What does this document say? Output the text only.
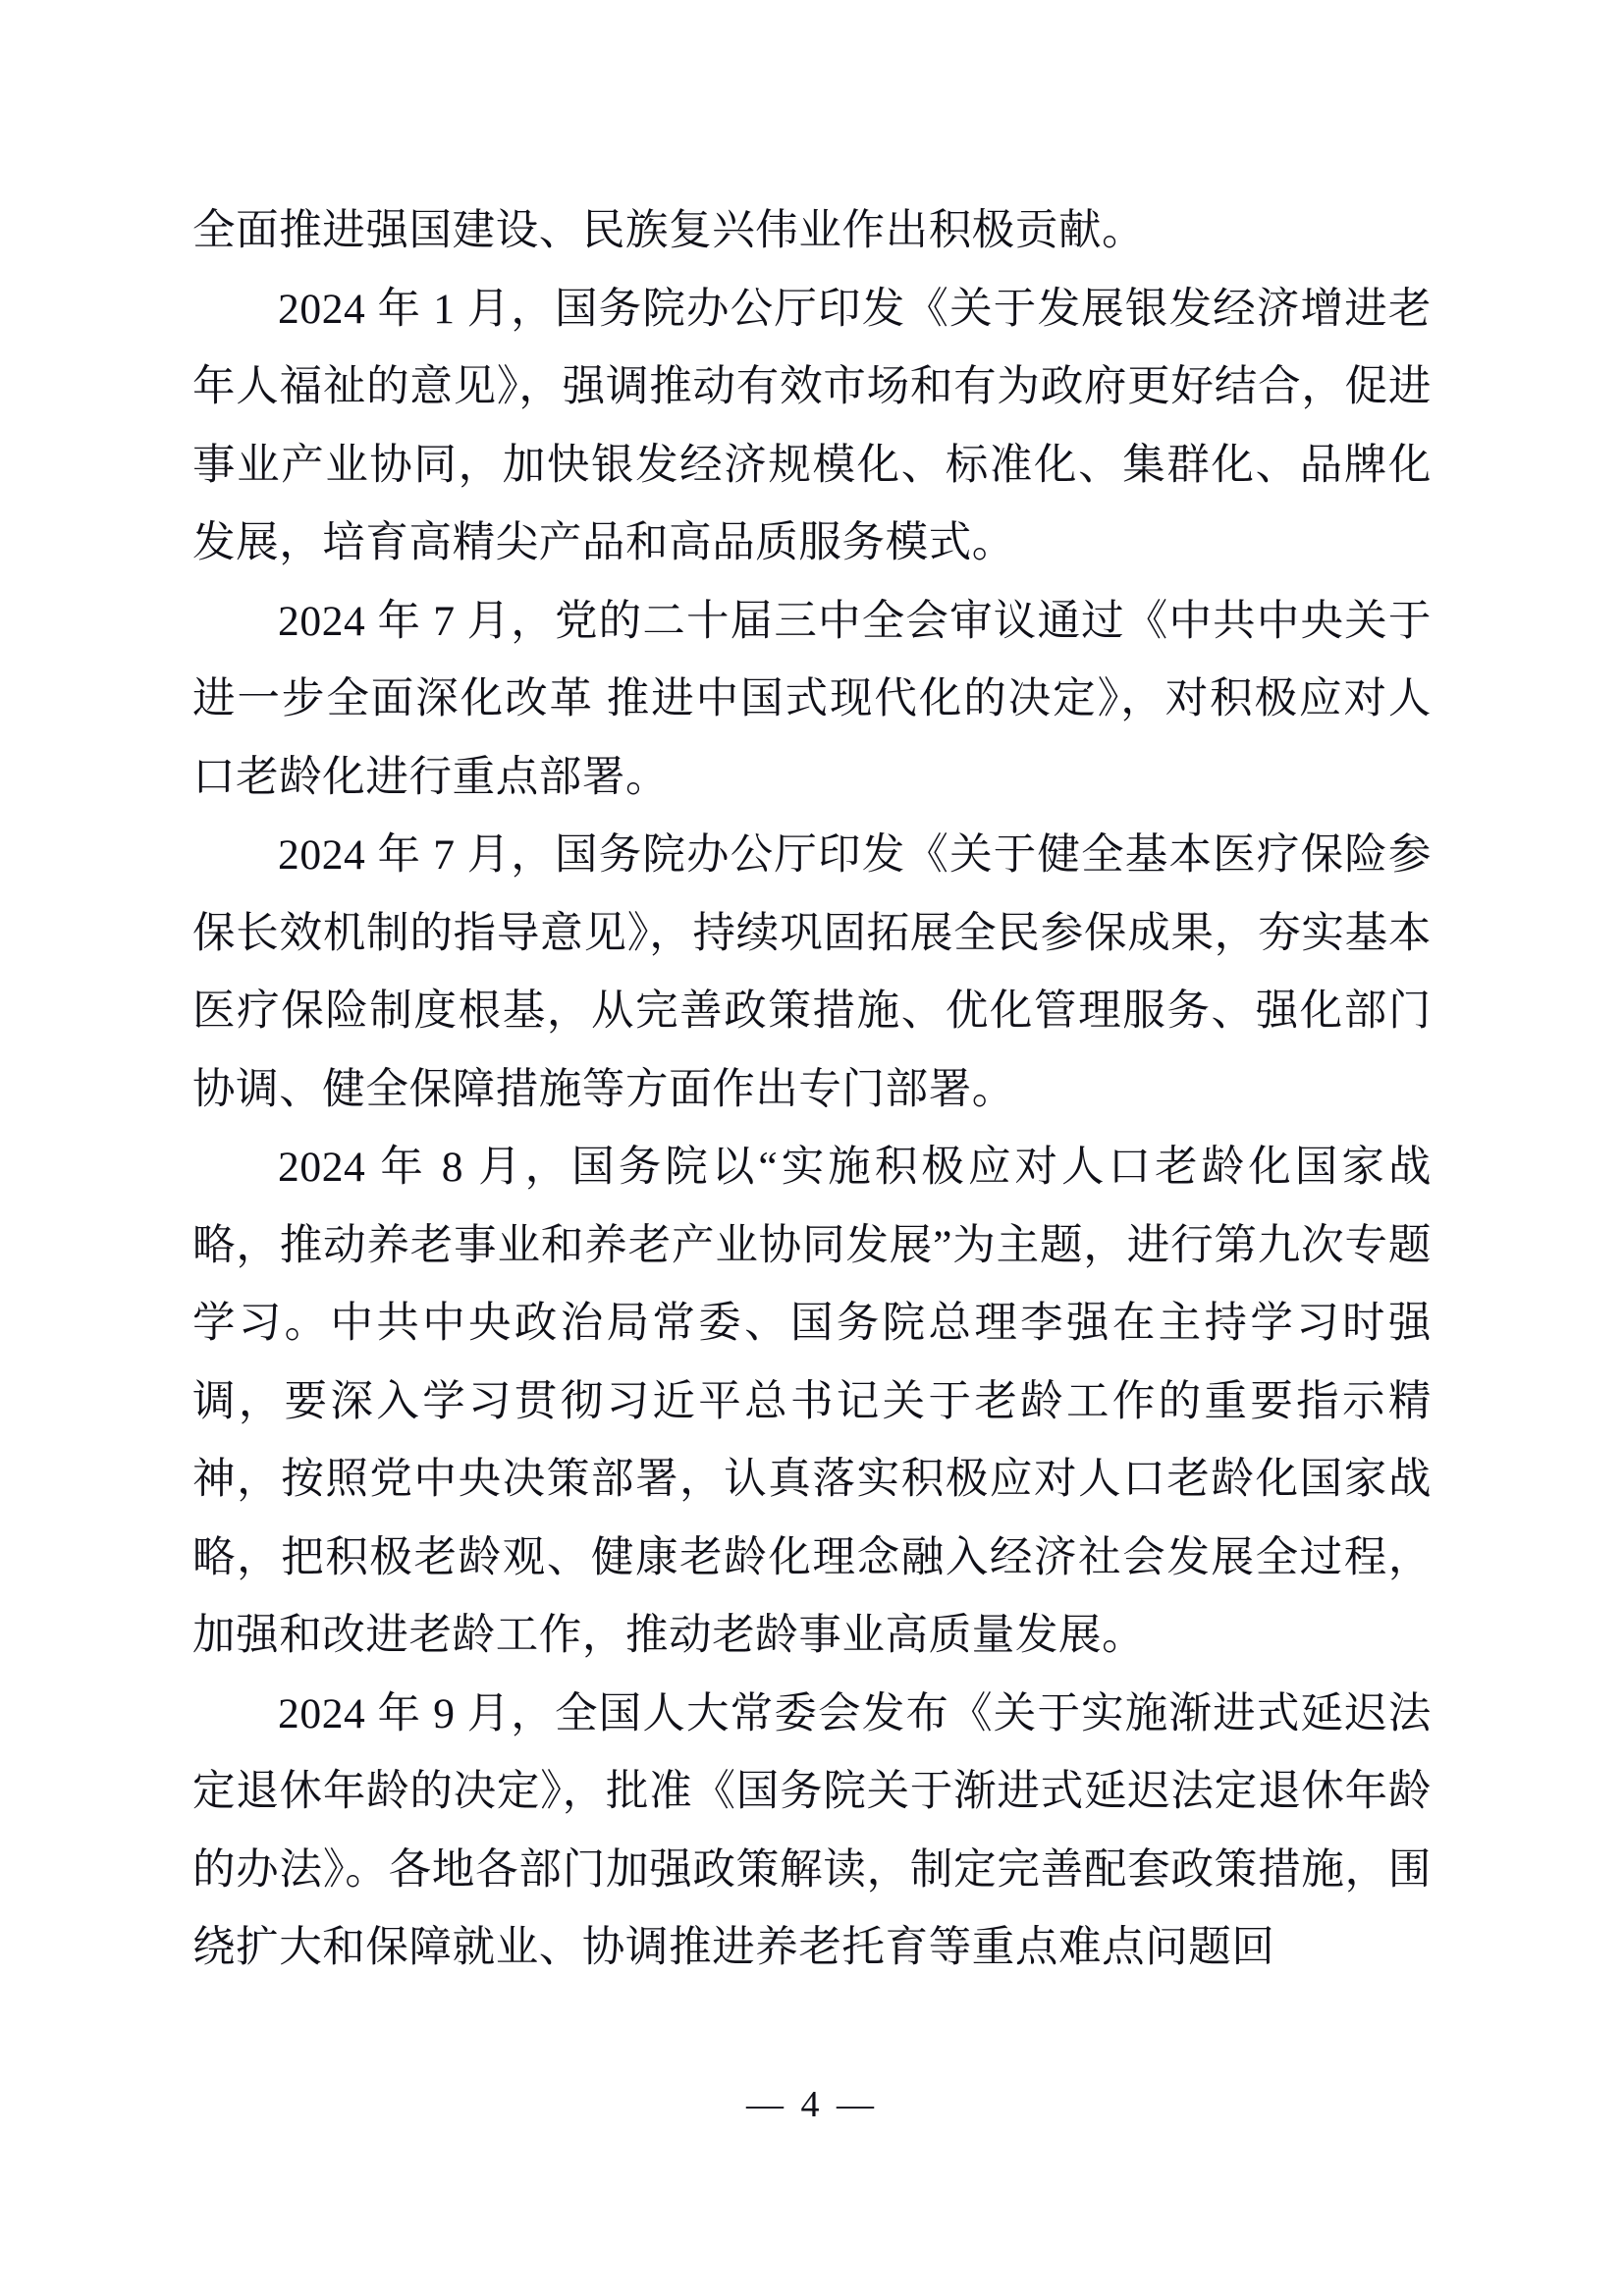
全面推进强国建设、民族复兴伟业作出积极贡献。

2024 年 1 月，国务院办公厅印发《关于发展银发经济增进老年人福祉的意见》，强调推动有效市场和有为政府更好结合，促进事业产业协同，加快银发经济规模化、标准化、集群化、品牌化发展，培育高精尖产品和高品质服务模式。

2024 年 7 月，党的二十届三中全会审议通过《中共中央关于进一步全面深化改革 推进中国式现代化的决定》，对积极应对人口老龄化进行重点部署。

2024 年 7 月，国务院办公厅印发《关于健全基本医疗保险参保长效机制的指导意见》，持续巩固拓展全民参保成果，夯实基本医疗保险制度根基，从完善政策措施、优化管理服务、强化部门协调、健全保障措施等方面作出专门部署。

2024 年 8 月，国务院以“实施积极应对人口老龄化国家战略，推动养老事业和养老产业协同发展”为主题，进行第九次专题学习。中共中央政治局常委、国务院总理李强在主持学习时强调，要深入学习贯彻习近平总书记关于老龄工作的重要指示精神，按照党中央决策部署，认真落实积极应对人口老龄化国家战略，把积极老龄观、健康老龄化理念融入经济社会发展全过程，加强和改进老龄工作，推动老龄事业高质量发展。

2024 年 9 月，全国人大常委会发布《关于实施渐进式延迟法定退休年龄的决定》，批准《国务院关于渐进式延迟法定退休年龄的办法》。各地各部门加强政策解读，制定完善配套政策措施，围绕扩大和保障就业、协调推进养老托育等重点难点问题回

— 4 —
